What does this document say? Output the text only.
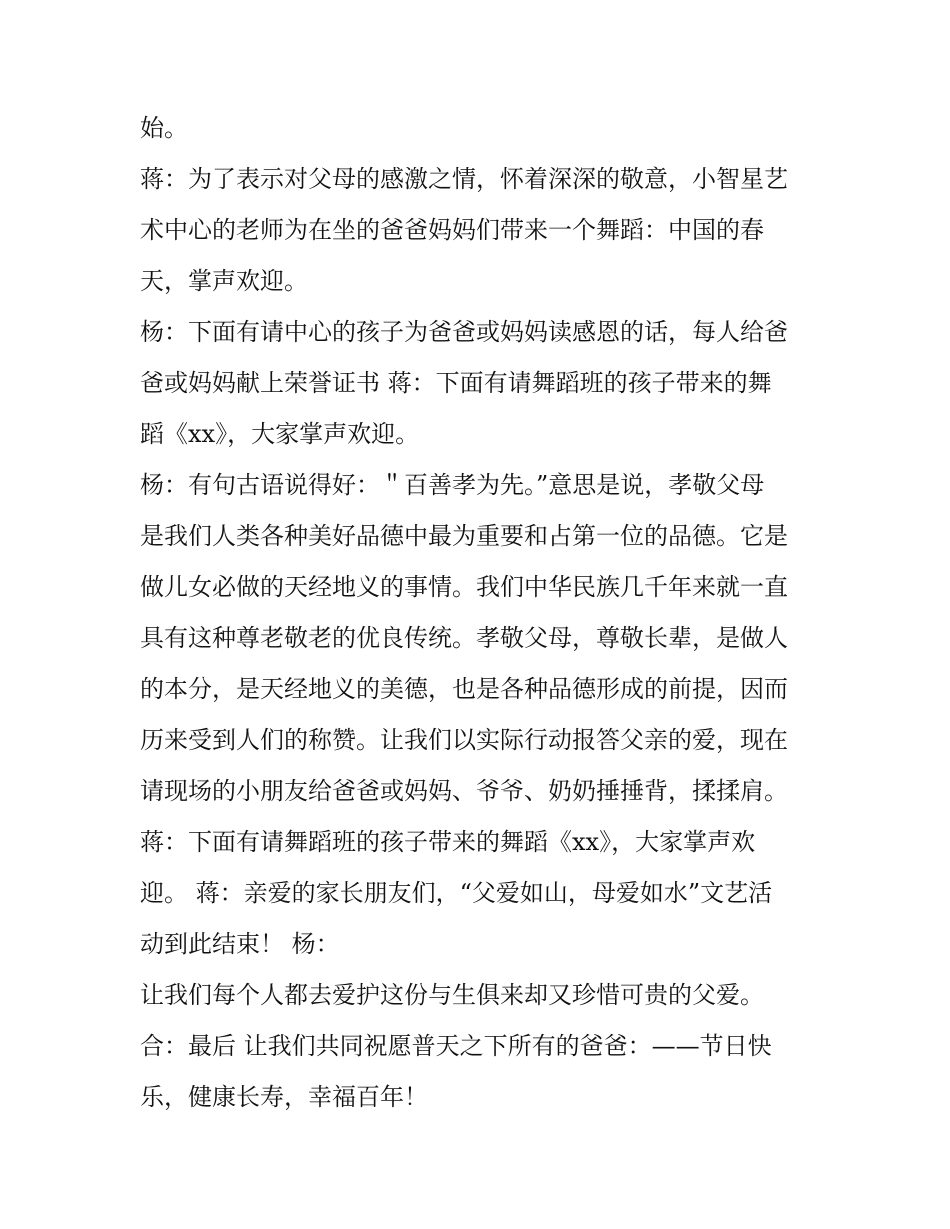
始。
蒋：为了表示对父母的感激之情，怀着深深的敬意，小智星艺
术中心的老师为在坐的爸爸妈妈们带来一个舞蹈：中国的春
天，掌声欢迎。
杨：下面有请中心的孩子为爸爸或妈妈读感恩的话，每人给爸
爸或妈妈献上荣誉证书 蒋：下面有请舞蹈班的孩子带来的舞
蹈《xx》，大家掌声欢迎。
杨：有句古语说得好：＂百善孝为先。”意思是说，孝敬父母
是我们人类各种美好品德中最为重要和占第一位的品德。它是
做儿女必做的天经地义的事情。我们中华民族几千年来就一直
具有这种尊老敬老的优良传统。孝敬父母，尊敬长辈，是做人
的本分，是天经地义的美德，也是各种品德形成的前提，因而
历来受到人们的称赞。让我们以实际行动报答父亲的爱，现在
请现场的小朋友给爸爸或妈妈、爷爷、奶奶捶捶背，揉揉肩。
蒋：下面有请舞蹈班的孩子带来的舞蹈《xx》，大家掌声欢
迎。 蒋：亲爱的家长朋友们，“父爱如山，母爱如水”文艺活
动到此结束！ 杨：
让我们每个人都去爱护这份与生俱来却又珍惜可贵的父爱。
合：最后 让我们共同祝愿普天之下所有的爸爸：——节日快
乐，健康长寿，幸福百年！
